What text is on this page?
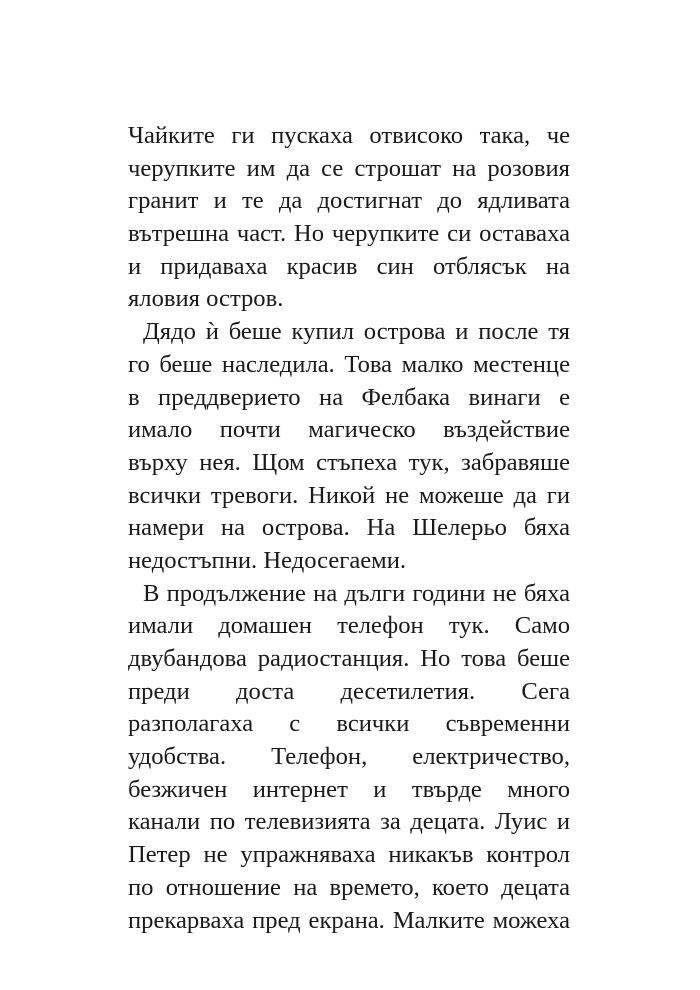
Чайките ги пускаха отвисоко така, че
черупките им да се строшат на розовия
гранит и те да достигнат до ядливата
вътрешна част. Но черупките си оставаха
и придаваха красив син отблясък на
яловия остров.
Дядо ѝ беше купил острова и после тя
го беше наследила. Това малко местенце
в преддверието на Фелбака винаги е
имало почти магическо въздействие
върху нея. Щом стъпеха тук, забравяше
всички тревоги. Никой не можеше да ги
намери на острова. На Шелерьо бяха
недостъпни. Недосегаеми.
В продължение на дълги години не бяха
имали домашен телефон тук. Само
двубандова радиостанция. Но това беше
преди доста десетилетия. Сега
разполагаха с всички съвременни
удобства. Телефон, електричество,
безжичен интернет и твърде много
канали по телевизията за децата. Луис и
Петер не упражняваха никакъв контрол
по отношение на времето, което децата
прекарваха пред екрана. Малките можеха
